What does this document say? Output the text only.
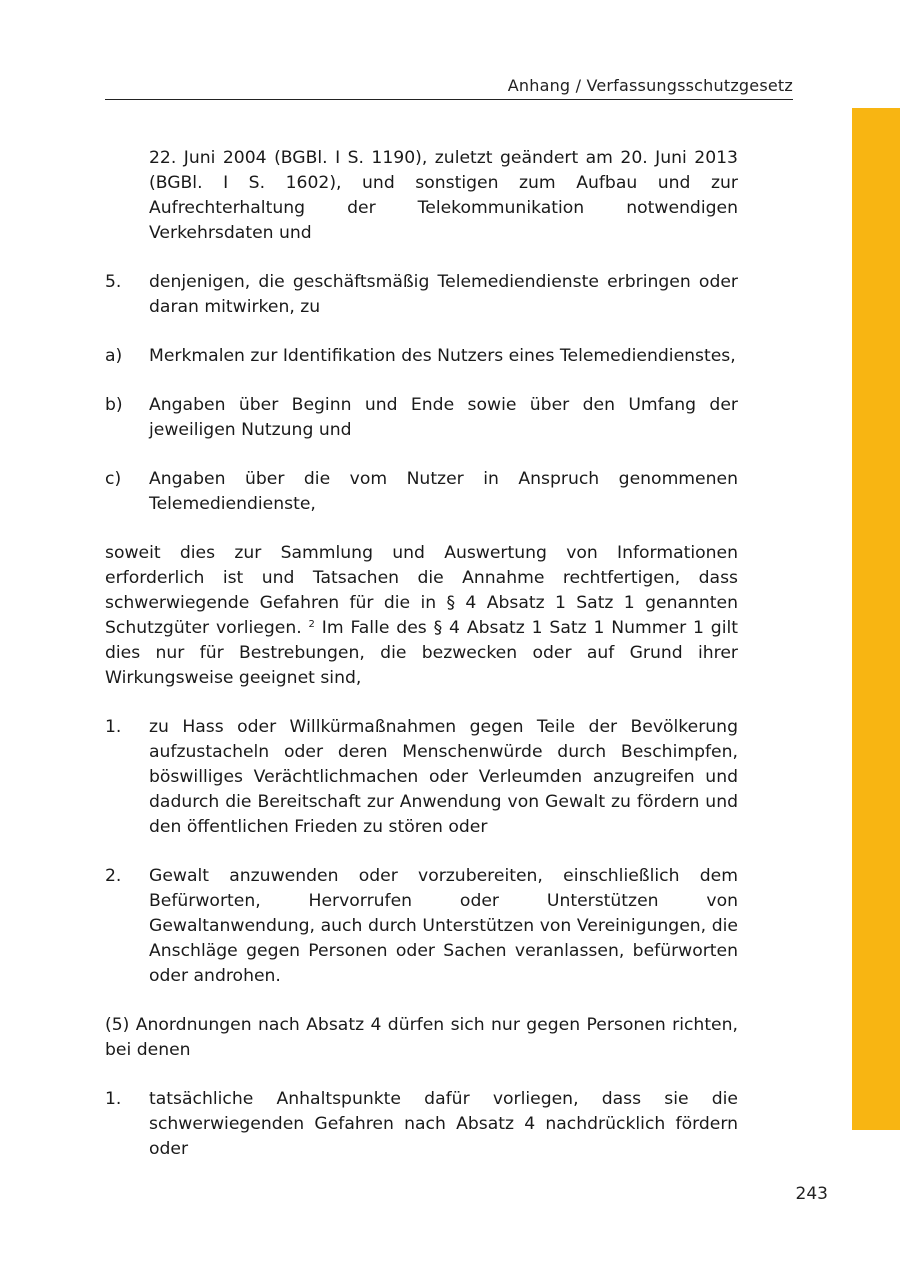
Anhang / Verfassungsschutzgesetz
22. Juni 2004 (BGBl. I S. 1190), zuletzt geändert am 20. Juni 2013 (BGBl. I S. 1602), und sonstigen zum Aufbau und zur Aufrechterhaltung der Telekommunikation notwendigen Verkehrsdaten und
5. denjenigen, die geschäftsmäßig Telemediendienste erbringen oder daran mitwirken, zu
a) Merkmalen zur Identifikation des Nutzers eines Telemediendienstes,
b) Angaben über Beginn und Ende sowie über den Umfang der jeweiligen Nutzung und
c) Angaben über die vom Nutzer in Anspruch genommenen Telemediendienste,
soweit dies zur Sammlung und Auswertung von Informationen erforderlich ist und Tatsachen die Annahme rechtfertigen, dass schwerwiegende Gefahren für die in § 4 Absatz 1 Satz 1 genannten Schutzgüter vorliegen. $^2$ Im Falle des § 4 Absatz 1 Satz 1 Nummer 1 gilt dies nur für Bestrebungen, die bezwecken oder auf Grund ihrer Wirkungsweise geeignet sind,
1. zu Hass oder Willkürmaßnahmen gegen Teile der Bevölkerung aufzustacheln oder deren Menschenwürde durch Beschimpfen, böswilliges Verächtlichmachen oder Verleumden anzugreifen und dadurch die Bereitschaft zur Anwendung von Gewalt zu fördern und den öffentlichen Frieden zu stören oder
2. Gewalt anzuwenden oder vorzubereiten, einschließlich dem Befürworten, Hervorrufen oder Unterstützen von Gewaltanwendung, auch durch Unterstützen von Vereinigungen, die Anschläge gegen Personen oder Sachen veranlassen, befürworten oder androhen.
(5) Anordnungen nach Absatz 4 dürfen sich nur gegen Personen richten, bei denen
1. tatsächliche Anhaltspunkte dafür vorliegen, dass sie die schwerwiegenden Gefahren nach Absatz 4 nachdrücklich fördern oder
243
